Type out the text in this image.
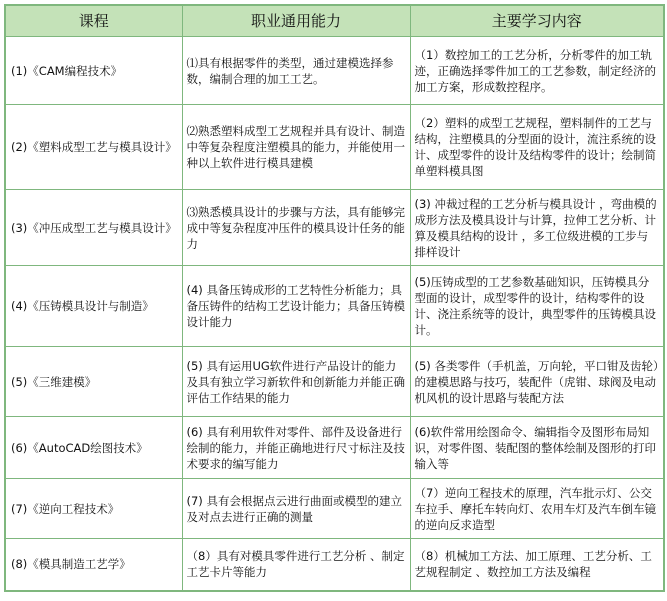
课程	职业通用能力	主要学习内容
(1)《CAM编程技术》	⑴具有根据零件的类型，通过建模选择参数，编制合理的加工工艺。	（1）数控加工的工艺分析，分析零件的加工轨迹，正确选择零件加工的工艺参数，制定经济的加工方案，形成数控程序。
(2)《塑料成型工艺与模具设计》	⑵熟悉塑料成型工艺规程并具有设计、制造中等复杂程度注塑模具的能力，并能使用一种以上软件进行模具建模	（2）塑料的成型工艺规程，塑料制件的工艺与结构，注塑模具的分型面的设计，流注系统的设计、成型零件的设计及结构零件的设计；绘制简单塑料模具图
(3)《冲压成型工艺与模具设计》	⑶熟悉模具设计的步骤与方法，具有能够完成中等复杂程度冲压件的模具设计任务的能力	(3) 冲裁过程的工艺分析与模具设计 ，弯曲模的成形方法及模具设计与计算，拉伸工艺分析、计算及模具结构的设计 ，多工位级进模的工步与排样设计
(4)《压铸模具设计与制造》	(4) 具备压铸成形的工艺特性分析能力；具备压铸件的结构工艺设计能力；具备压铸模设计能力	(5)压铸成型的工艺参数基础知识，压铸模具分型面的设计，成型零件的设计，结构零件的设计、浇注系统等的设计，典型零件的压铸模具设计。
(5)《三维建模》	(5) 具有运用UG软件进行产品设计的能力及具有独立学习新软件和创新能力并能正确评估工作结果的能力	(5) 各类零件（手机盖，万向轮，平口钳及齿轮）的建模思路与技巧，装配件（虎钳、球阀及电动机风机的设计思路与装配方法
(6)《AutoCAD绘图技术》	(6) 具有利用软件对零件、部件及设备进行绘制的能力，并能正确地进行尺寸标注及技术要求的编写能力	(6)软件常用绘图命令、编辑指令及图形布局知识，对零件图、装配图的整体绘制及图形的打印输入等
(7)《逆向工程技术》	(7) 具有会根据点云进行曲面或模型的建立及对点去进行正确的测量	（7）逆向工程技术的原理，汽车批示灯、公交车拉手、摩托车转向灯、农用车灯及汽车倒车镜的逆向反求造型
(8)《模具制造工艺学》	（8）具有对模具零件进行工艺分析 、制定工艺卡片等能力	（8）机械加工方法、加工原理、工艺分析、工艺规程制定 、数控加工方法及编程
